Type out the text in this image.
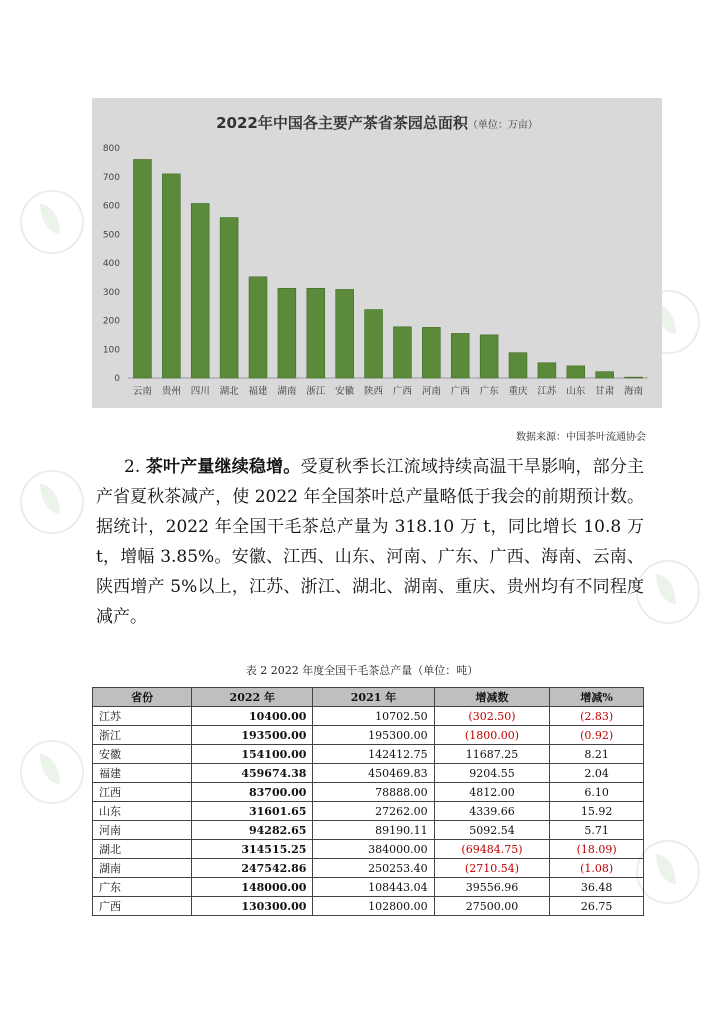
2022年中国各主要产茶省茶园总面积（单位：万亩）
0
100
200
300
400
500
600
700
800
云南 贵州 四川 湖北 福建 湖南 浙江 安徽 陕西 广西 河南 广西 广东 重庆 江苏 山东 甘肃 海南
数据来源：中国茶叶流通协会

2. 茶叶产量继续稳增。受夏秋季长江流域持续高温干旱影响，部分主产省夏秋茶减产，使 2022 年全国茶叶总产量略低于我会的前期预计数。据统计，2022 年全国干毛茶总产量为 318.10 万 t，同比增长 10.8 万 t，增幅 3.85%。安徽、江西、山东、河南、广东、广西、海南、云南、陕西增产 5%以上，江苏、浙江、湖北、湖南、重庆、贵州均有不同程度减产。

表 2 2022 年度全国干毛茶总产量（单位：吨）
省份	2022 年	2021 年	增减数	增减%
江苏	10400.00	10702.50	(302.50)	(2.83)
浙江	193500.00	195300.00	(1800.00)	(0.92)
安徽	154100.00	142412.75	11687.25	8.21
福建	459674.38	450469.83	9204.55	2.04
江西	83700.00	78888.00	4812.00	6.10
山东	31601.65	27262.00	4339.66	15.92
河南	94282.65	89190.11	5092.54	5.71
湖北	314515.25	384000.00	(69484.75)	(18.09)
湖南	247542.86	250253.40	(2710.54)	(1.08)
广东	148000.00	108443.04	39556.96	36.48
广西	130300.00	102800.00	27500.00	26.75
